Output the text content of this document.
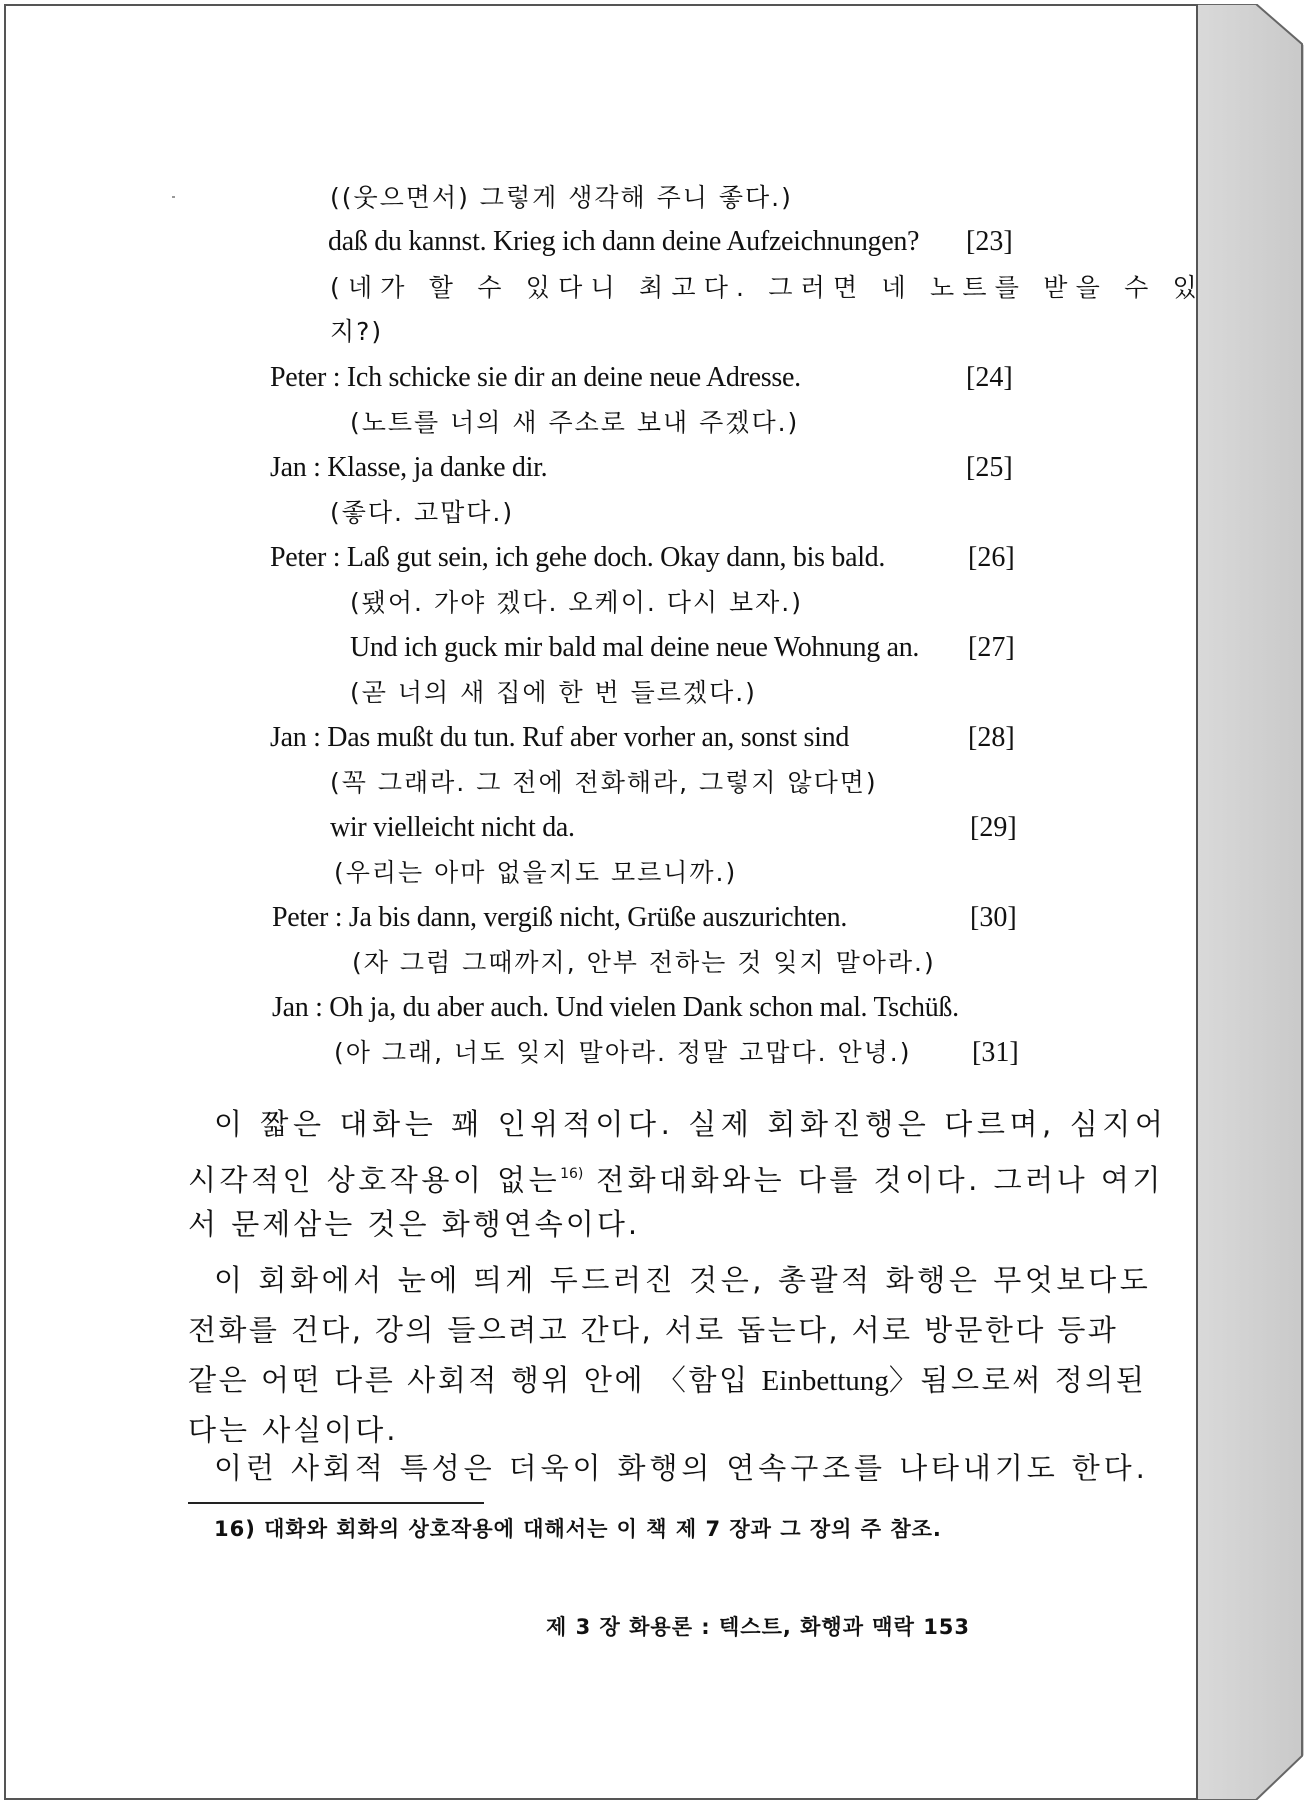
((웃으면서) 그렇게 생각해 주니 좋다.)
daß du kannst. Krieg ich dann deine Aufzeichnungen? [23]
(네가 할 수 있다니 최고다. 그러면 네 노트를 받을 수 있
지?)
Peter : Ich schicke sie dir an deine neue Adresse.	[24]
(노트를 너의 새 주소로 보내 주겠다.)
Jan : Klasse, ja danke dir.	[25]
(좋다. 고맙다.)
Peter : Laß gut sein, ich gehe doch. Okay dann, bis bald.	[26]
(됐어. 가야 겠다. 오케이. 다시 보자.)
Und ich guck mir bald mal deine neue Wohnung an. [27]
(곧 너의 새 집에 한 번 들르겠다.)
Jan : Das mußt du tun. Ruf aber vorher an, sonst sind	[28]
(꼭 그래라. 그 전에 전화해라, 그렇지 않다면)
wir vielleicht nicht da.	[29]
(우리는 아마 없을지도 모르니까.)
Peter : Ja bis dann, vergiß nicht, Grüße auszurichten.	[30]
(자 그럼 그때까지, 안부 전하는 것 잊지 말아라.)
Jan : Oh ja, du aber auch. Und vielen Dank schon mal. Tschüß.
(아 그래, 너도 잊지 말아라. 정말 고맙다. 안녕.) [31]
이 짧은 대화는 꽤 인위적이다. 실제 회화진행은 다르며, 심지어
시각적인 상호작용이 없는$^{16)}$ 전화대화와는 다를 것이다. 그러나 여기
서 문제삼는 것은 화행연속이다.
이 회화에서 눈에 띄게 두드러진 것은, 총괄적 화행은 무엇보다도
전화를 건다, 강의 들으려고 간다, 서로 돕는다, 서로 방문한다 등과
같은 어떤 다른 사회적 행위 안에 〈함입 Einbettung〉됨으로써 정의된
다는 사실이다.
이런 사회적 특성은 더욱이 화행의 연속구조를 나타내기도 한다.
16) 대화와 회화의 상호작용에 대해서는 이 책 제 7 장과 그 장의 주 참조.
제 3 장 화용론 : 텍스트, 화행과 맥락 153
